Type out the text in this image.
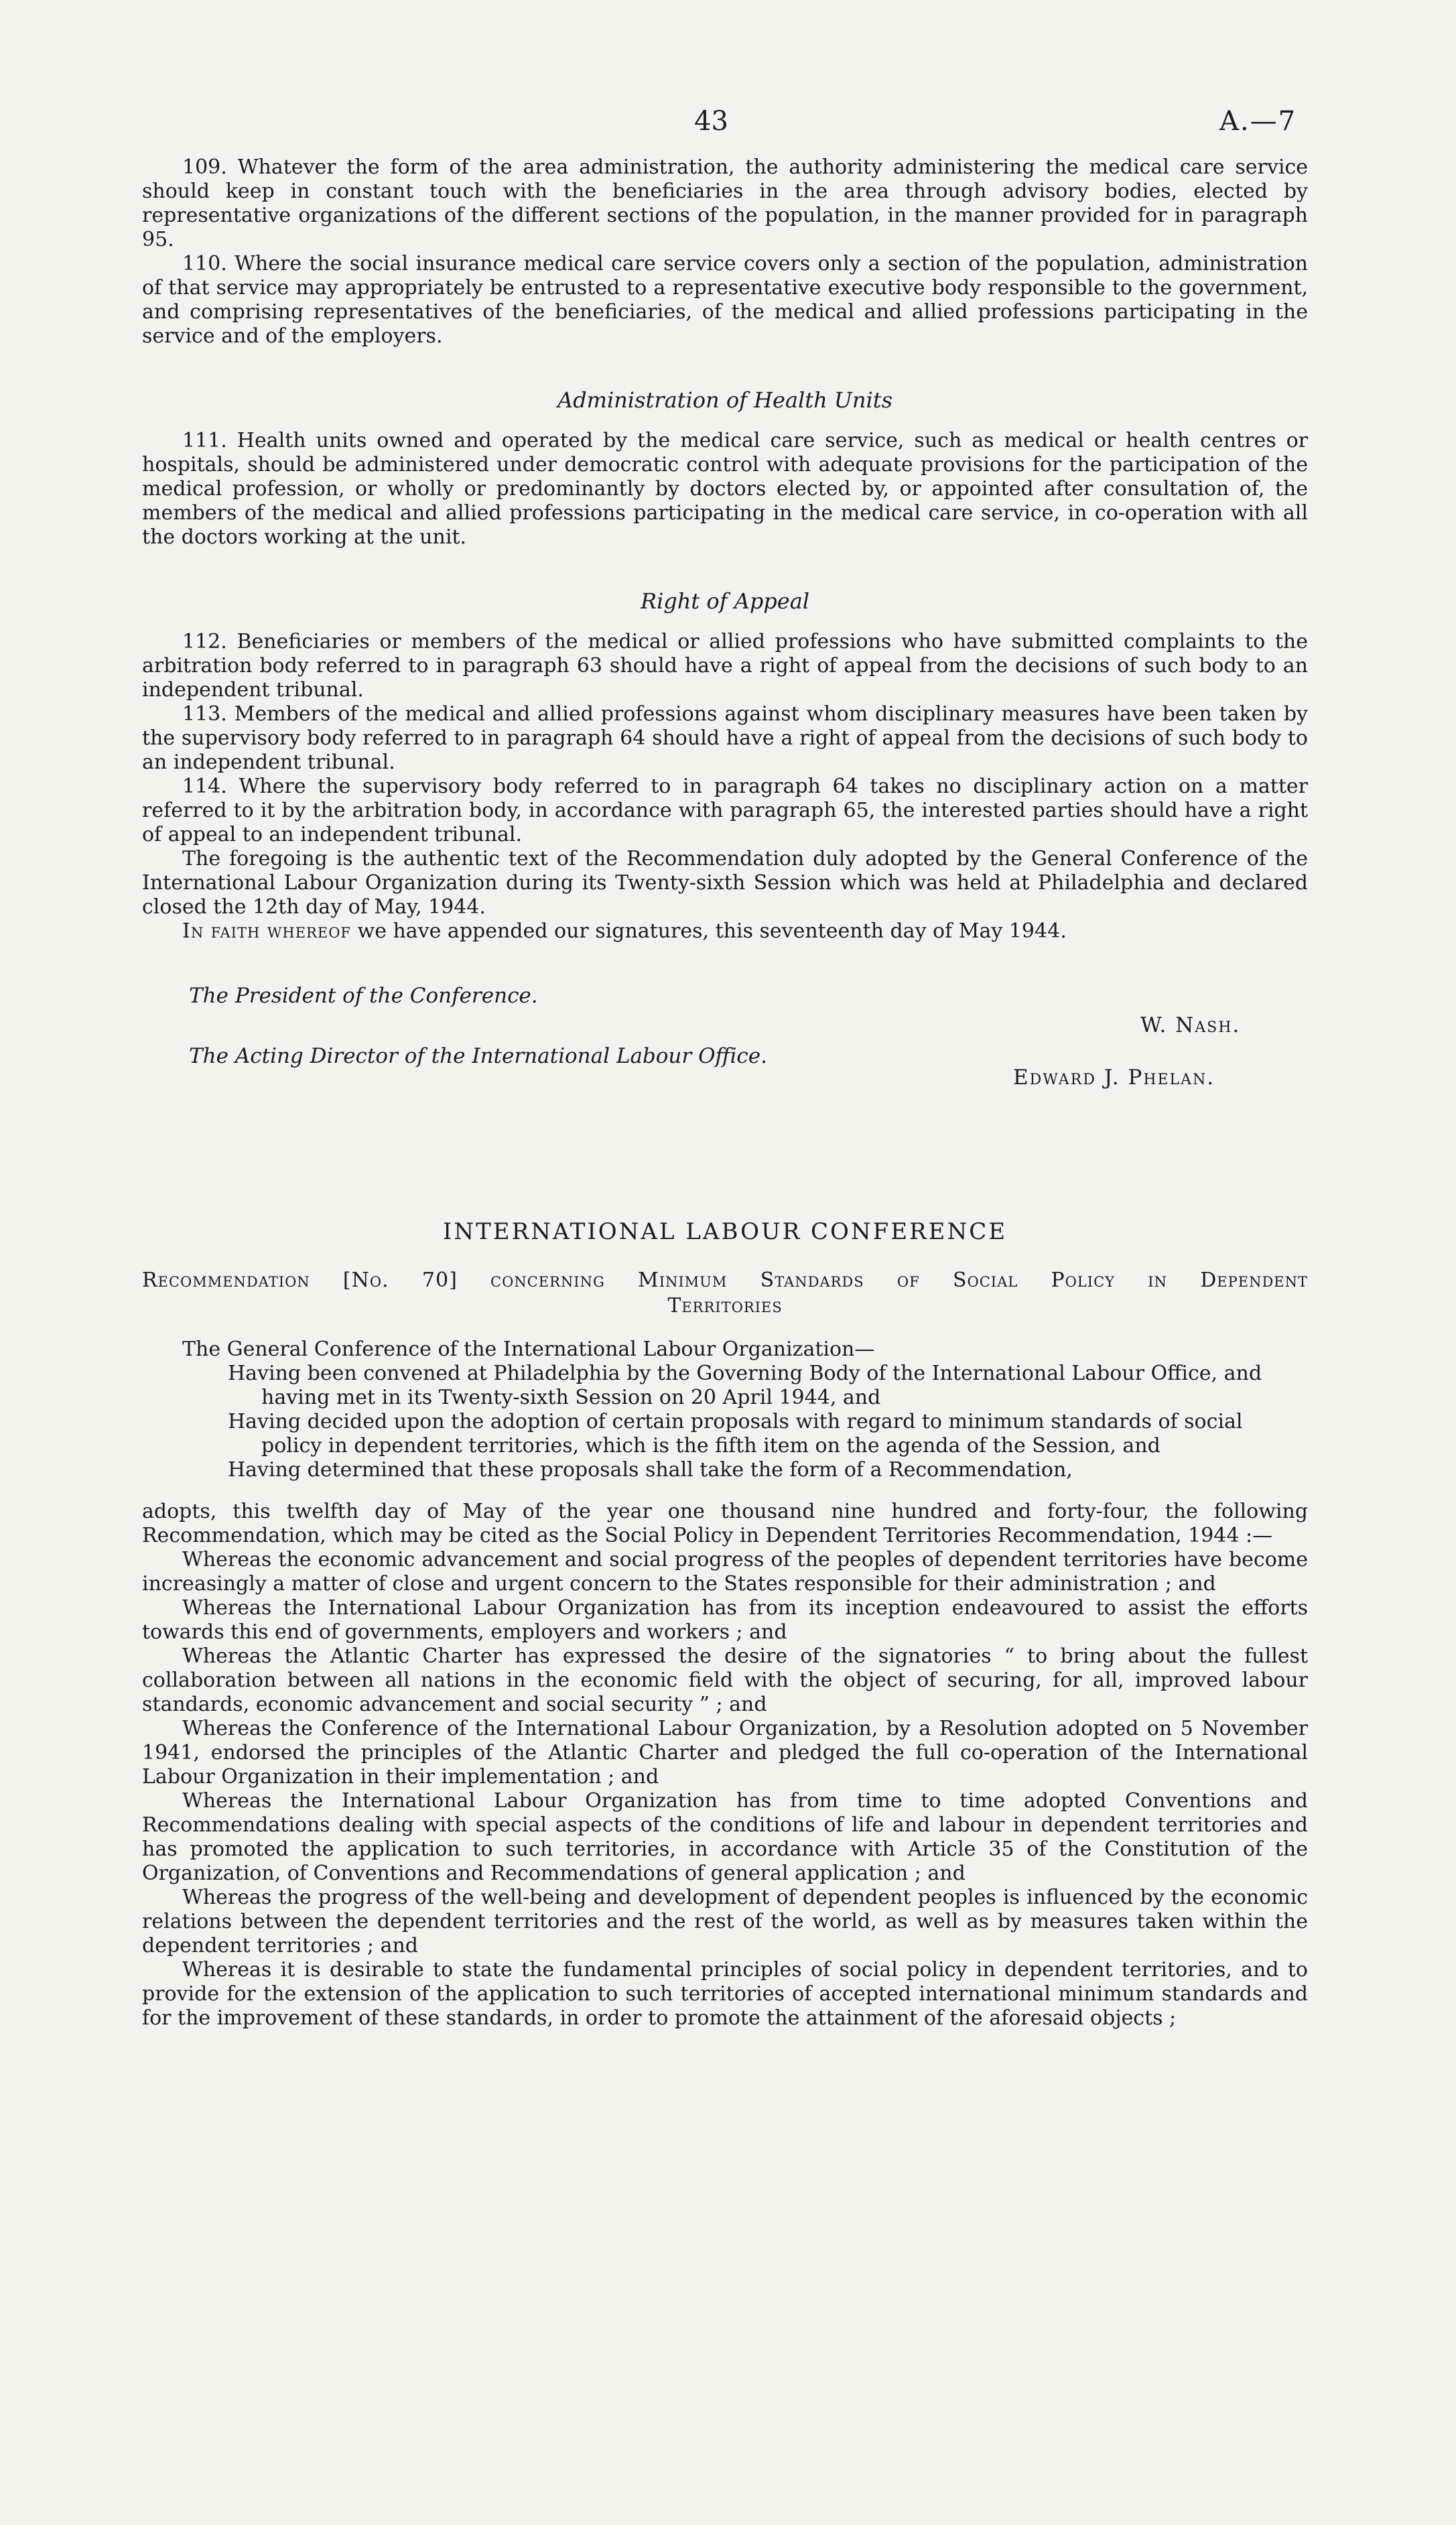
43	A.—7

109. Whatever the form of the area administration, the authority administering the medical care service should keep in constant touch with the beneficiaries in the area through advisory bodies, elected by representative organizations of the different sections of the population, in the manner provided for in paragraph 95.

110. Where the social insurance medical care service covers only a section of the population, administration of that service may appropriately be entrusted to a representative executive body responsible to the government, and comprising representatives of the beneficiaries, of the medical and allied professions participating in the service and of the employers.

Administration of Health Units

111. Health units owned and operated by the medical care service, such as medical or health centres or hospitals, should be administered under democratic control with adequate provisions for the participation of the medical profession, or wholly or predominantly by doctors elected by, or appointed after consultation of, the members of the medical and allied professions participating in the medical care service, in co-operation with all the doctors working at the unit.

Right of Appeal

112. Beneficiaries or members of the medical or allied professions who have submitted complaints to the arbitration body referred to in paragraph 63 should have a right of appeal from the decisions of such body to an independent tribunal.

113. Members of the medical and allied professions against whom disciplinary measures have been taken by the supervisory body referred to in paragraph 64 should have a right of appeal from the decisions of such body to an independent tribunal.

114. Where the supervisory body referred to in paragraph 64 takes no disciplinary action on a matter referred to it by the arbitration body, in accordance with paragraph 65, the interested parties should have a right of appeal to an independent tribunal.

The foregoing is the authentic text of the Recommendation duly adopted by the General Conference of the International Labour Organization during its Twenty-sixth Session which was held at Philadelphia and declared closed the 12th day of May, 1944.

In faith whereof we have appended our signatures, this seventeenth day of May 1944.

The President of the Conference.
The Acting Director of the International Labour Office.
W. Nash.
Edward J. Phelan.
INTERNATIONAL LABOUR CONFERENCE
Recommendation [No. 70] concerning Minimum Standards of Social Policy in Dependent
Territories

The General Conference of the International Labour Organization—

Having been convened at Philadelphia by the Governing Body of the International Labour Office, and having met in its Twenty-sixth Session on 20 April 1944, and

Having decided upon the adoption of certain proposals with regard to minimum standards of social policy in dependent territories, which is the fifth item on the agenda of the Session, and

Having determined that these proposals shall take the form of a Recommendation,

adopts, this twelfth day of May of the year one thousand nine hundred and forty-four, the following Recommendation, which may be cited as the Social Policy in Dependent Territories Recommendation, 1944 :—

Whereas the economic advancement and social progress of the peoples of dependent territories have become increasingly a matter of close and urgent concern to the States responsible for their administration ; and

Whereas the International Labour Organization has from its inception endeavoured to assist the efforts towards this end of governments, employers and workers ; and

Whereas the Atlantic Charter has expressed the desire of the signatories “ to bring about the fullest collaboration between all nations in the economic field with the object of securing, for all, improved labour standards, economic advancement and social security ” ; and

Whereas the Conference of the International Labour Organization, by a Resolution adopted on 5 November 1941, endorsed the principles of the Atlantic Charter and pledged the full co-operation of the International Labour Organization in their implementation ; and

Whereas the International Labour Organization has from time to time adopted Conventions and Recommendations dealing with special aspects of the conditions of life and labour in dependent territories and has promoted the application to such territories, in accordance with Article 35 of the Constitution of the Organization, of Conventions and Recommendations of general application ; and

Whereas the progress of the well-being and development of dependent peoples is influenced by the economic relations between the dependent territories and the rest of the world, as well as by measures taken within the dependent territories ; and

Whereas it is desirable to state the fundamental principles of social policy in dependent territories, and to provide for the extension of the application to such territories of accepted international minimum standards and for the improvement of these standards, in order to promote the attainment of the aforesaid objects ;
